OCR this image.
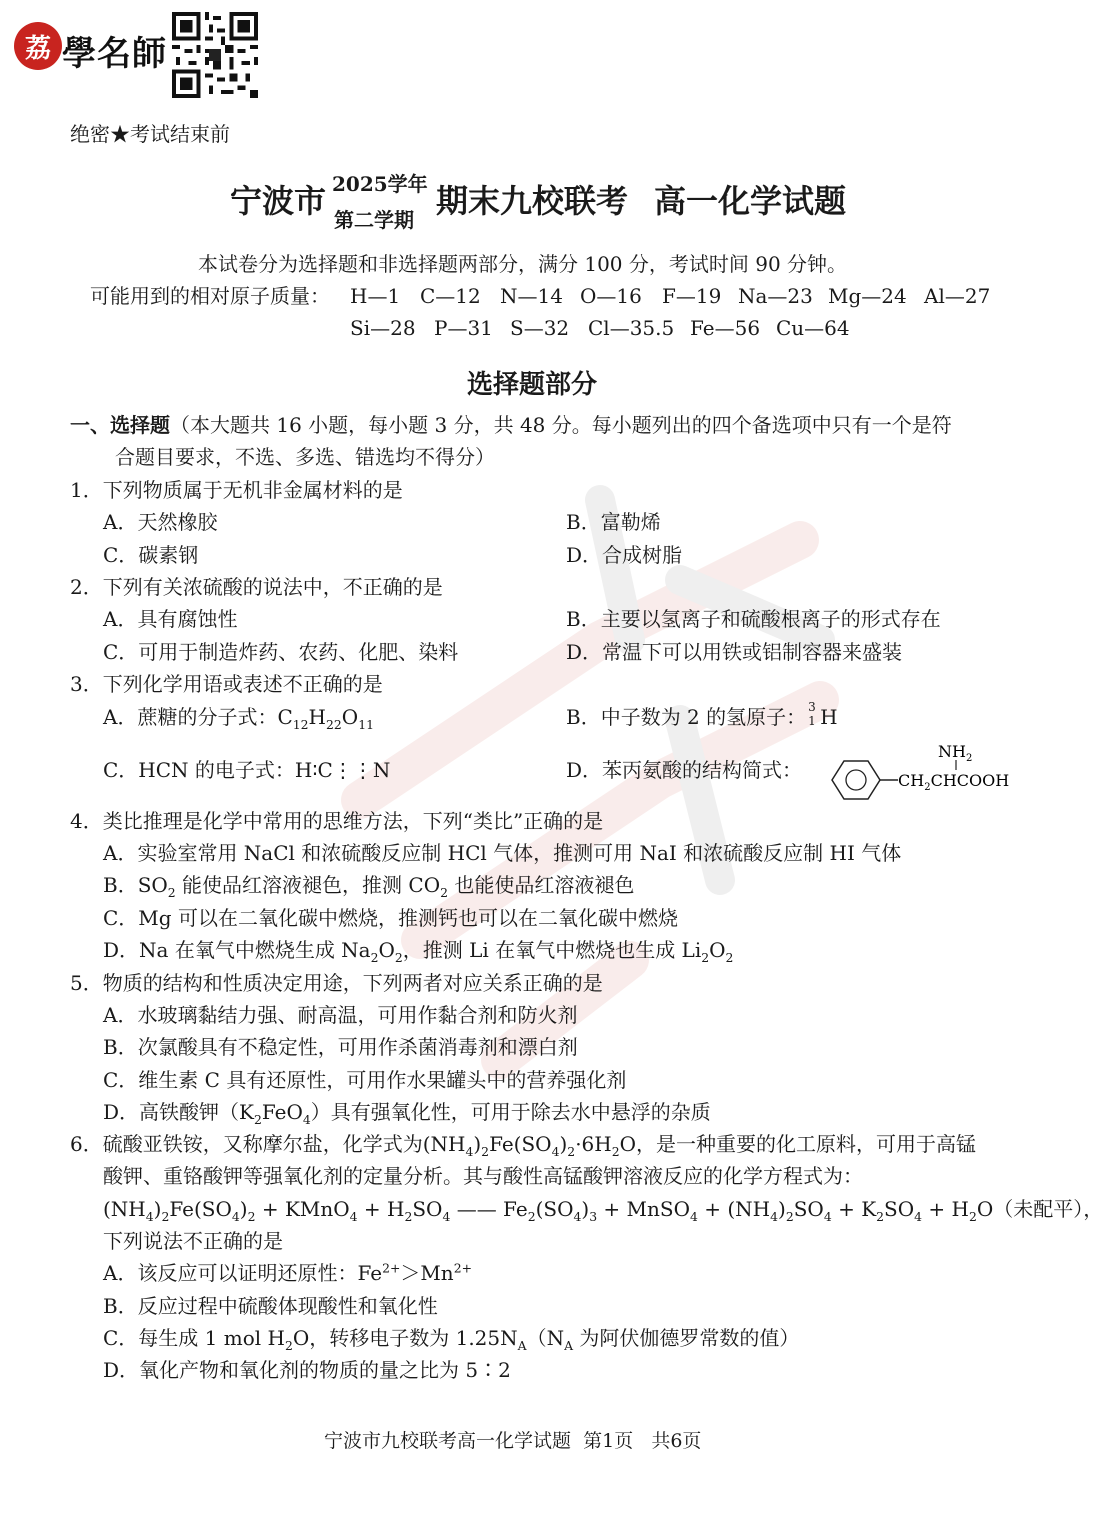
荔 學名師
绝密★考试结束前
宁波市 2025学年
第二学期 期末九校联考 高一化学试题
本试卷分为选择题和非选择题两部分，满分 100 分，考试时间 90 分钟。
可能用到的相对原子质量： H—1 C—12 N—14 O—16 F—19 Na—23 Mg—24 Al—27
Si—28 P—31 S—32 Cl—35.5 Fe—56 Cu—64
选择题部分
一、选择题（本大题共 16 小题，每小题 3 分，共 48 分。每小题列出的四个备选项中只有一个是符
合题目要求，不选、多选、错选均不得分）
1．下列物质属于无机非金属材料的是
A．天然橡胶	B．富勒烯
C．碳素钢	D．合成树脂
2．下列有关浓硫酸的说法中，不正确的是
A．具有腐蚀性	B．主要以氢离子和硫酸根离子的形式存在
C．可用于制造炸药、农药、化肥、染料	D．常温下可以用铁或铝制容器来盛装
3．下列化学用语或表述不正确的是
A．蔗糖的分子式：$C_{12}H_{22}O_{11}$	B．中子数为 2 的氢原子： 3
1 H
C．HCN 的电子式：H∶C⋮⋮N	D．苯丙氨酸的结构简式：
$NH_2$
$CH_2CHCOOH$
4．类比推理是化学中常用的思维方法，下列“类比”正确的是
A．实验室常用 NaCl 和浓硫酸反应制 HCl 气体，推测可用 NaI 和浓硫酸反应制 HI 气体
B．$SO_2$ 能使品红溶液褪色，推测 $CO_2$ 也能使品红溶液褪色
C．Mg 可以在二氧化碳中燃烧，推测钙也可以在二氧化碳中燃烧
D．Na 在氧气中燃烧生成 $Na_2O_2$，推测 Li 在氧气中燃烧也生成 $Li_2O_2$
5．物质的结构和性质决定用途，下列两者对应关系正确的是
A．水玻璃黏结力强、耐高温，可用作黏合剂和防火剂
B．次氯酸具有不稳定性，可用作杀菌消毒剂和漂白剂
C．维生素 C 具有还原性，可用作水果罐头中的营养强化剂
D．高铁酸钾$(K_2FeO_4)$具有强氧化性，可用于除去水中悬浮的杂质
6．硫酸亚铁铵，又称摩尔盐，化学式为$(NH_4)_2Fe(SO_4)_2\cdot 6H_2O$，是一种重要的化工原料，可用于高锰
酸钾、重铬酸钾等强氧化剂的定量分析。其与酸性高锰酸钾溶液反应的化学方程式为：
$(NH_4)_2Fe(SO_4)_2$ + KMnO$_4$ + $H_2SO_4$ —— $Fe_2(SO_4)_3$ + MnSO$_4$ + $(NH_4)_2SO_4 + K_2SO_4 + H_2O$（未配平），
下列说法不正确的是
A．该反应可以证明还原性：$Fe^{2+}>Mn^{2+}$
B．反应过程中硫酸体现酸性和氧化性
C．每生成 1 mol $H_2O$，转移电子数为 $1.25N_A(N_A$ 为阿伏伽德罗常数的值）
D．氧化产物和氧化剂的物质的量之比为 5∶2
宁波市九校联考高一化学试题 第1页 共6页
